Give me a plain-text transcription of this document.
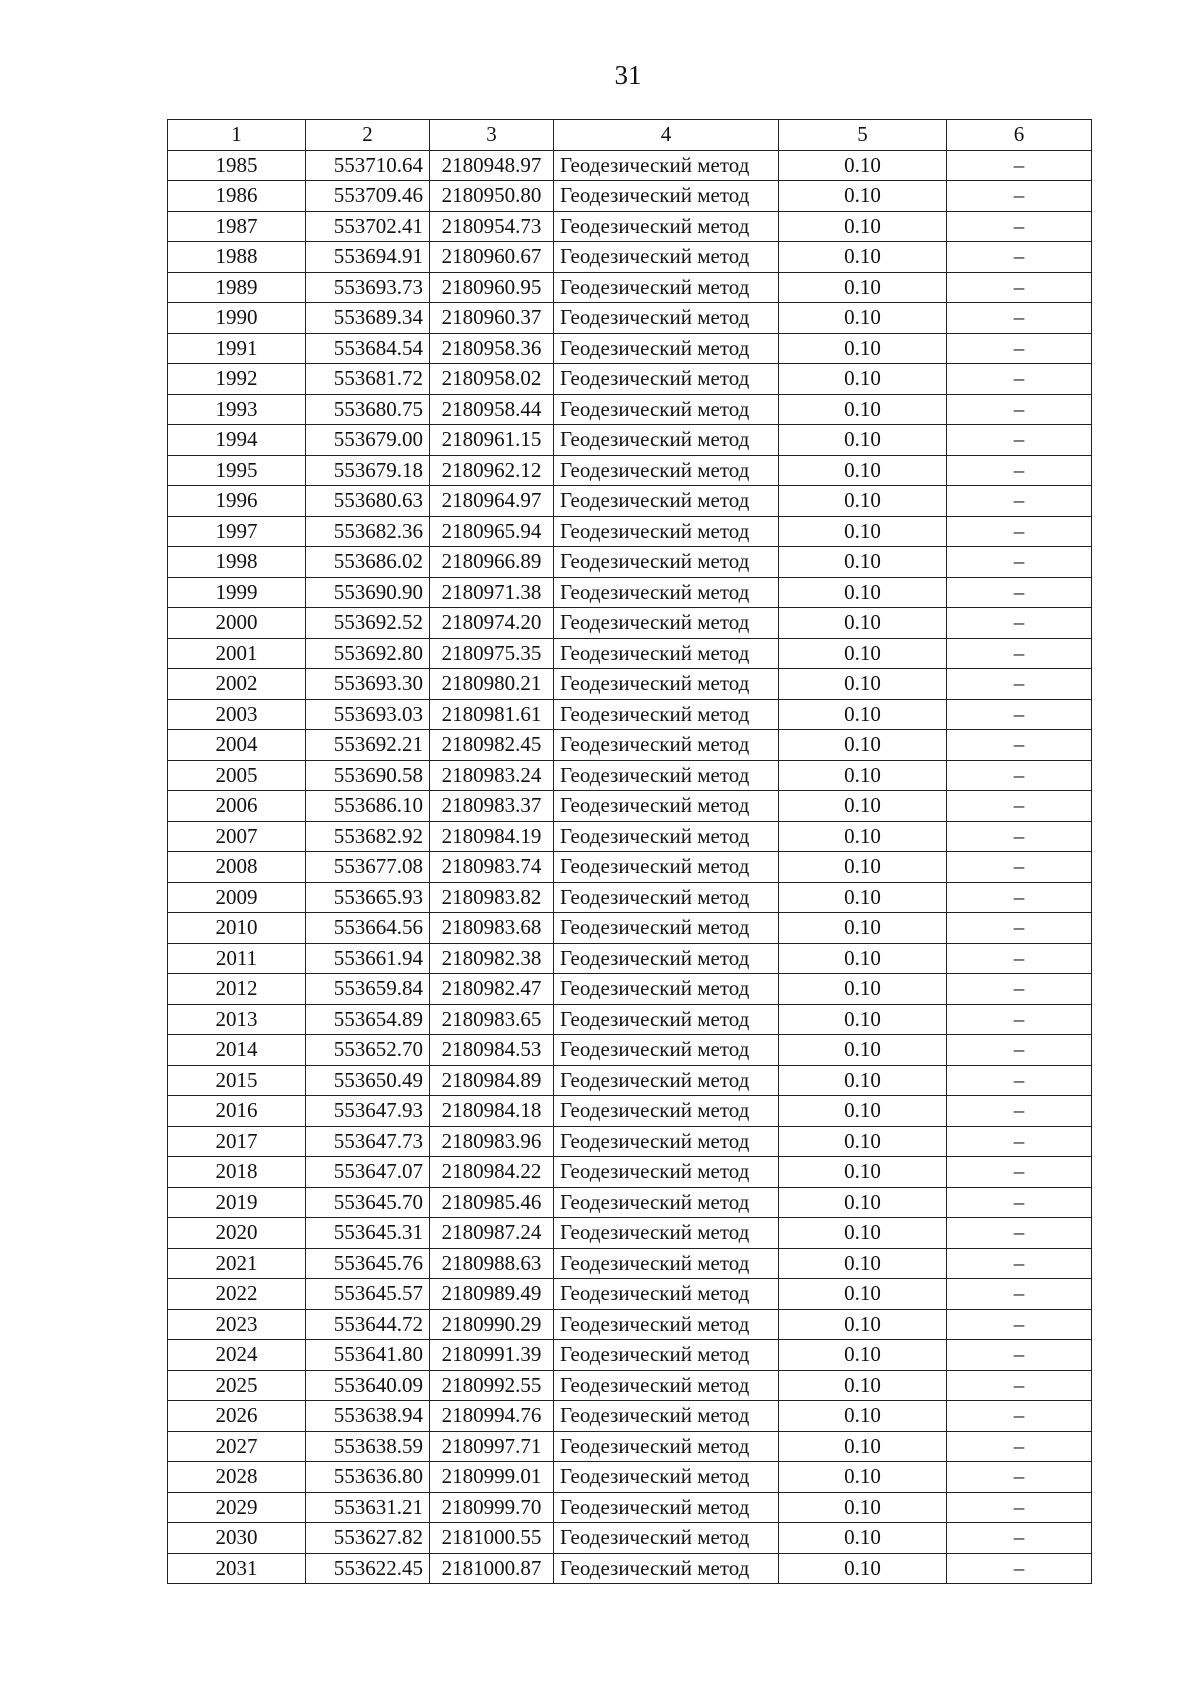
31
1	2	3	4	5	6
1985	553710.64	2180948.97	Геодезический метод	0.10	–
1986	553709.46	2180950.80	Геодезический метод	0.10	–
1987	553702.41	2180954.73	Геодезический метод	0.10	–
1988	553694.91	2180960.67	Геодезический метод	0.10	–
1989	553693.73	2180960.95	Геодезический метод	0.10	–
1990	553689.34	2180960.37	Геодезический метод	0.10	–
1991	553684.54	2180958.36	Геодезический метод	0.10	–
1992	553681.72	2180958.02	Геодезический метод	0.10	–
1993	553680.75	2180958.44	Геодезический метод	0.10	–
1994	553679.00	2180961.15	Геодезический метод	0.10	–
1995	553679.18	2180962.12	Геодезический метод	0.10	–
1996	553680.63	2180964.97	Геодезический метод	0.10	–
1997	553682.36	2180965.94	Геодезический метод	0.10	–
1998	553686.02	2180966.89	Геодезический метод	0.10	–
1999	553690.90	2180971.38	Геодезический метод	0.10	–
2000	553692.52	2180974.20	Геодезический метод	0.10	–
2001	553692.80	2180975.35	Геодезический метод	0.10	–
2002	553693.30	2180980.21	Геодезический метод	0.10	–
2003	553693.03	2180981.61	Геодезический метод	0.10	–
2004	553692.21	2180982.45	Геодезический метод	0.10	–
2005	553690.58	2180983.24	Геодезический метод	0.10	–
2006	553686.10	2180983.37	Геодезический метод	0.10	–
2007	553682.92	2180984.19	Геодезический метод	0.10	–
2008	553677.08	2180983.74	Геодезический метод	0.10	–
2009	553665.93	2180983.82	Геодезический метод	0.10	–
2010	553664.56	2180983.68	Геодезический метод	0.10	–
2011	553661.94	2180982.38	Геодезический метод	0.10	–
2012	553659.84	2180982.47	Геодезический метод	0.10	–
2013	553654.89	2180983.65	Геодезический метод	0.10	–
2014	553652.70	2180984.53	Геодезический метод	0.10	–
2015	553650.49	2180984.89	Геодезический метод	0.10	–
2016	553647.93	2180984.18	Геодезический метод	0.10	–
2017	553647.73	2180983.96	Геодезический метод	0.10	–
2018	553647.07	2180984.22	Геодезический метод	0.10	–
2019	553645.70	2180985.46	Геодезический метод	0.10	–
2020	553645.31	2180987.24	Геодезический метод	0.10	–
2021	553645.76	2180988.63	Геодезический метод	0.10	–
2022	553645.57	2180989.49	Геодезический метод	0.10	–
2023	553644.72	2180990.29	Геодезический метод	0.10	–
2024	553641.80	2180991.39	Геодезический метод	0.10	–
2025	553640.09	2180992.55	Геодезический метод	0.10	–
2026	553638.94	2180994.76	Геодезический метод	0.10	–
2027	553638.59	2180997.71	Геодезический метод	0.10	–
2028	553636.80	2180999.01	Геодезический метод	0.10	–
2029	553631.21	2180999.70	Геодезический метод	0.10	–
2030	553627.82	2181000.55	Геодезический метод	0.10	–
2031	553622.45	2181000.87	Геодезический метод	0.10	–
